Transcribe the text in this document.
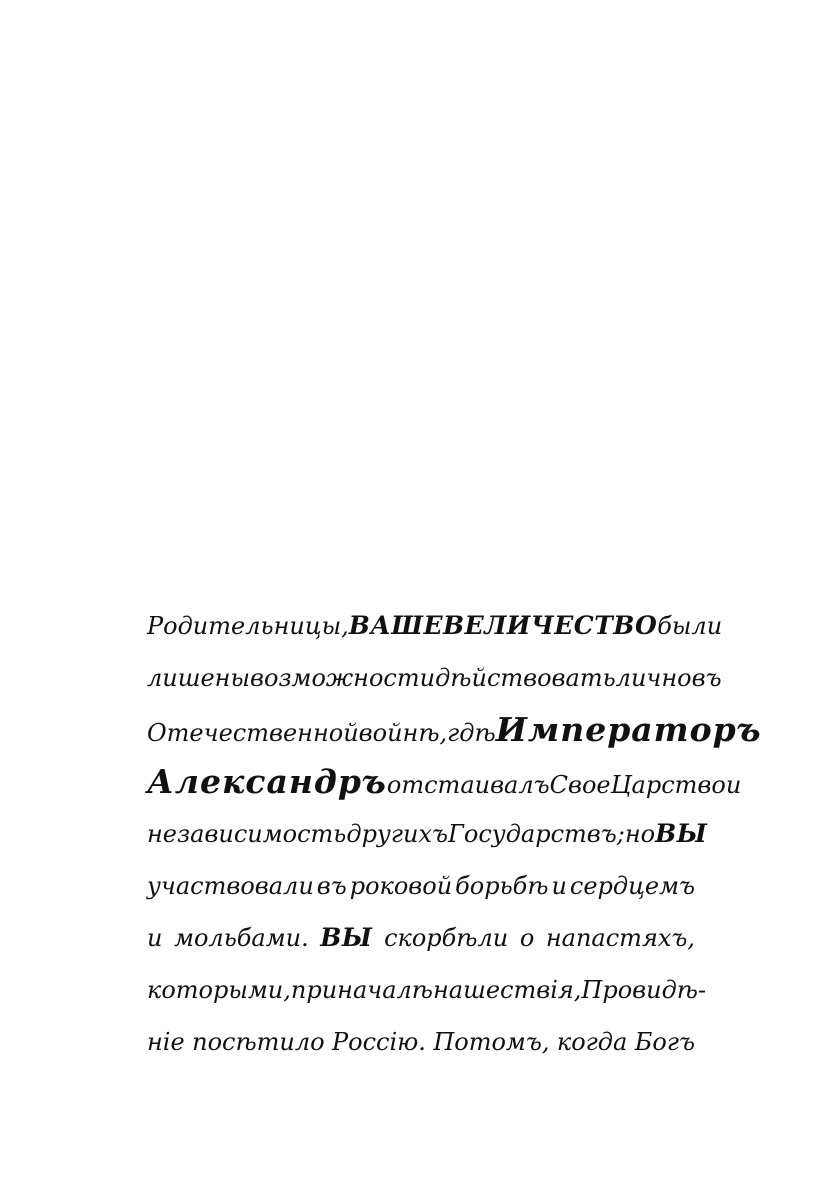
Родительницы, ВАШЕ ВЕЛИЧЕСТВО были
лишены возможности дѣйствовать лично въ
Отечественной войнѣ, гдѣ Императоръ
Александръ отстаивалъ Свое Царство и
независимость другихъ Государствъ; но ВЫ
участвовали въ роковой борьбѣ и сердцемъ
и мольбами. ВЫ скорбѣли о напастяхъ,
которыми, при началѣ нашествія, Провидѣ-
ніе посѣтило Россію. Потомъ, когда Богъ
